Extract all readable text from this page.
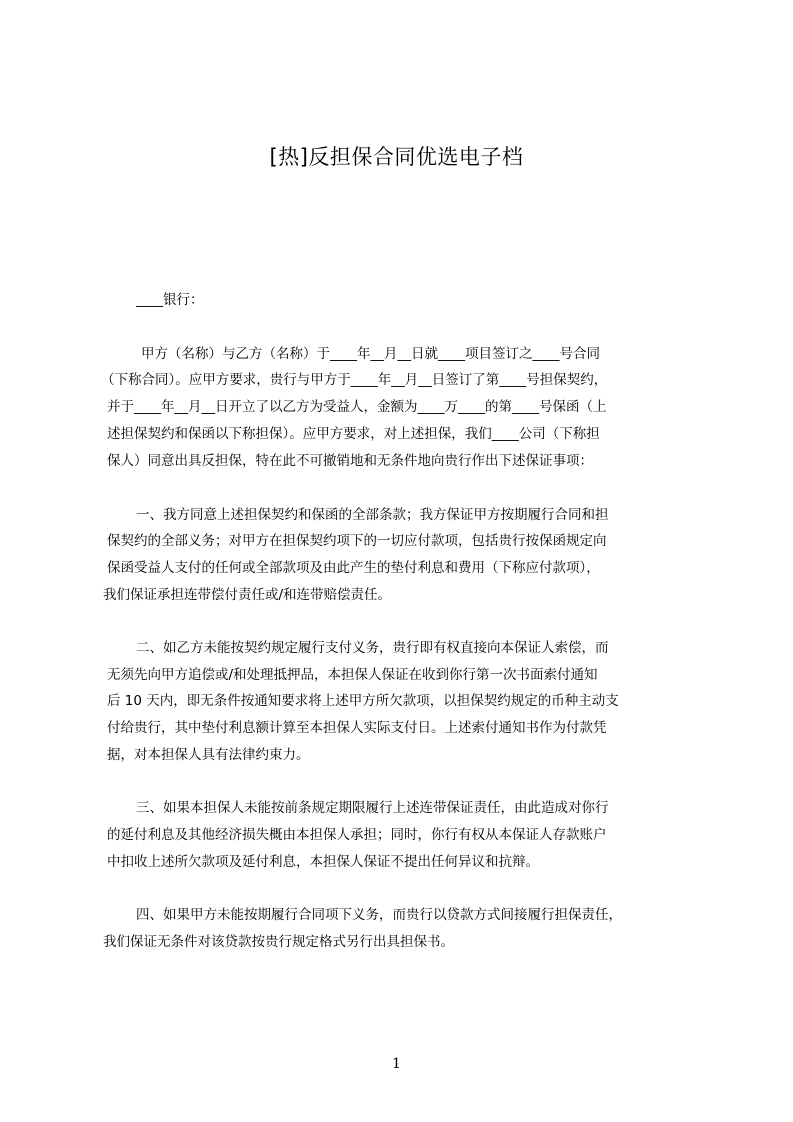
[热]反担保合同优选电子档
____银行：
甲方（名称）与乙方（名称）于____年__月__日就____项目签订之____号合同
（下称合同）。应甲方要求，贵行与甲方于____年__月__日签订了第____号担保契约，
并于____年__月__日开立了以乙方为受益人，金额为____万____的第____号保函（上
述担保契约和保函以下称担保）。应甲方要求，对上述担保，我们____公司（下称担
保人）同意出具反担保，特在此不可撤销地和无条件地向贵行作出下述保证事项：
一、我方同意上述担保契约和保函的全部条款；我方保证甲方按期履行合同和担
保契约的全部义务；对甲方在担保契约项下的一切应付款项，包括贵行按保函规定向
保函受益人支付的任何或全部款项及由此产生的垫付利息和费用（下称应付款项），
我们保证承担连带偿付责任或/和连带赔偿责任。
二、如乙方未能按契约规定履行支付义务，贵行即有权直接向本保证人索偿，而
无须先向甲方追偿或/和处理抵押品，本担保人保证在收到你行第一次书面索付通知
后 10 天内，即无条件按通知要求将上述甲方所欠款项，以担保契约规定的币种主动支
付给贵行，其中垫付利息额计算至本担保人实际支付日。上述索付通知书作为付款凭
据，对本担保人具有法律约束力。
三、如果本担保人未能按前条规定期限履行上述连带保证责任，由此造成对你行
的延付利息及其他经济损失概由本担保人承担；同时，你行有权从本保证人存款账户
中扣收上述所欠款项及延付利息，本担保人保证不提出任何异议和抗辩。
四、如果甲方未能按期履行合同项下义务，而贵行以贷款方式间接履行担保责任，
我们保证无条件对该贷款按贵行规定格式另行出具担保书。
1
